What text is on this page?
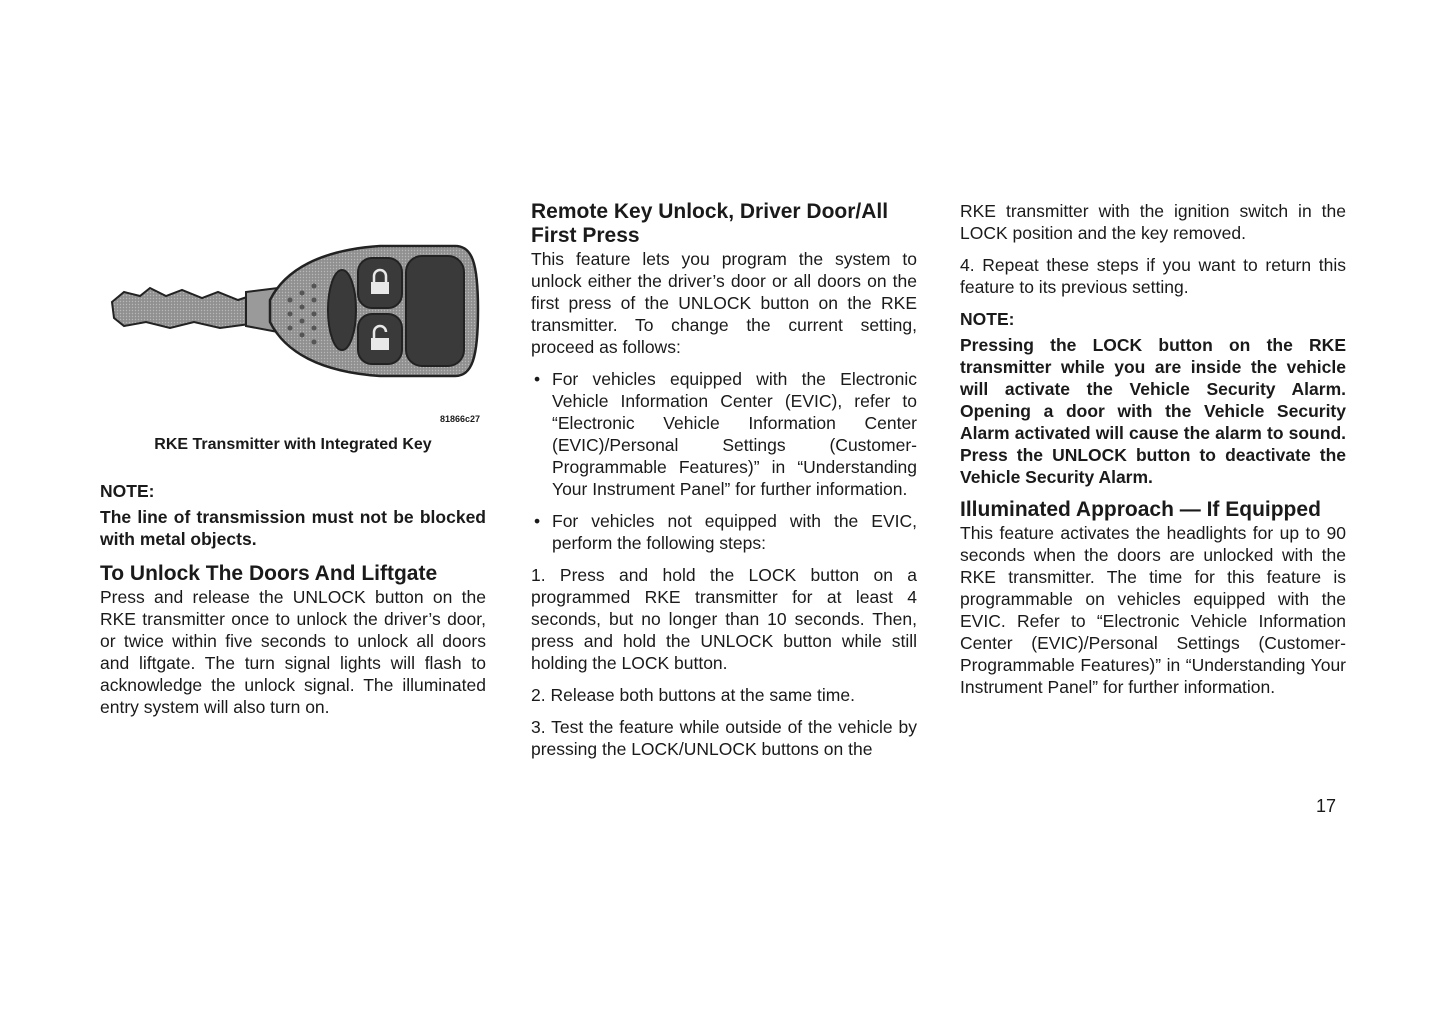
81866c27
RKE Transmitter with Integrated Key

NOTE:

The line of transmission must not be blocked with metal objects.

To Unlock The Doors And Liftgate

Press and release the UNLOCK button on the RKE transmitter once to unlock the driver’s door, or twice within five seconds to unlock all doors and liftgate. The turn signal lights will flash to acknowledge the unlock signal. The illuminated entry system will also turn on.

Remote Key Unlock, Driver Door/All First Press

This feature lets you program the system to unlock either the driver’s door or all doors on the first press of the UNLOCK button on the RKE transmitter. To change the current setting, proceed as follows:

• For vehicles equipped with the Electronic Vehicle Information Center (EVIC), refer to “Electronic Vehicle Information Center (EVIC)/Personal Settings (Customer-Programmable Features)” in “Understanding Your Instrument Panel” for further information.
• For vehicles not equipped with the EVIC, perform the following steps:

1. Press and hold the LOCK button on a programmed RKE transmitter for at least 4 seconds, but no longer than 10 seconds. Then, press and hold the UNLOCK button while still holding the LOCK button.

2. Release both buttons at the same time.

3. Test the feature while outside of the vehicle by pressing the LOCK/UNLOCK buttons on the

RKE transmitter with the ignition switch in the LOCK position and the key removed.

4. Repeat these steps if you want to return this feature to its previous setting.

NOTE:

Pressing the LOCK button on the RKE transmitter while you are inside the vehicle will activate the Vehicle Security Alarm. Opening a door with the Vehicle Security Alarm activated will cause the alarm to sound. Press the UNLOCK button to deactivate the Vehicle Security Alarm.

Illuminated Approach — If Equipped

This feature activates the headlights for up to 90 seconds when the doors are unlocked with the RKE transmitter. The time for this feature is programmable on vehicles equipped with the EVIC. Refer to “Electronic Vehicle Information Center (EVIC)/Personal Settings (Customer-Programmable Features)” in “Understanding Your Instrument Panel” for further information.

17
